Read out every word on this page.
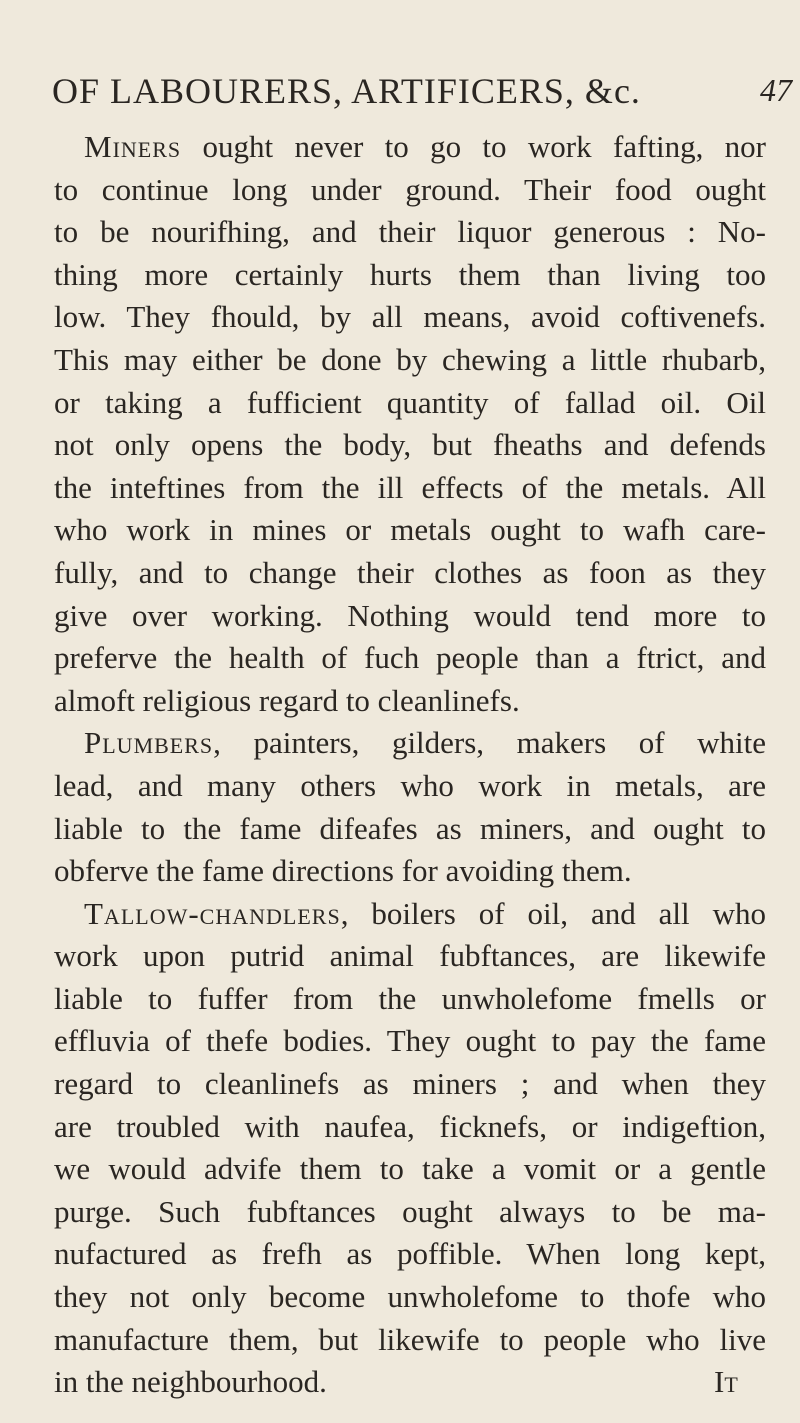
OF LABOURERS, ARTIFICERS, &c.	47
Miners ought never to go to work fafting, nor
to continue long under ground. Their food ought
to be nourifhing, and their liquor generous : No-
thing more certainly hurts them than living too
low. They fhould, by all means, avoid coftivenefs.
This may either be done by chewing a little rhubarb,
or taking a fufficient quantity of fallad oil. Oil
not only opens the body, but fheaths and defends
the inteftines from the ill effects of the metals. All
who work in mines or metals ought to wafh care-
fully, and to change their clothes as foon as they
give over working. Nothing would tend more to
preferve the health of fuch people than a ftrict, and
almoft religious regard to cleanlinefs.
Plumbers, painters, gilders, makers of white
lead, and many others who work in metals, are
liable to the fame difeafes as miners, and ought to
obferve the fame directions for avoiding them.
Tallow-chandlers, boilers of oil, and all who
work upon putrid animal fubftances, are likewife
liable to fuffer from the unwholefome fmells or
effluvia of thefe bodies. They ought to pay the fame
regard to cleanlinefs as miners ; and when they
are troubled with naufea, ficknefs, or indigeftion,
we would advife them to take a vomit or a gentle
purge. Such fubftances ought always to be ma-
nufactured as frefh as poffible. When long kept,
they not only become unwholefome to thofe who
manufacture them, but likewife to people who live
in the neighbourhood.	It
